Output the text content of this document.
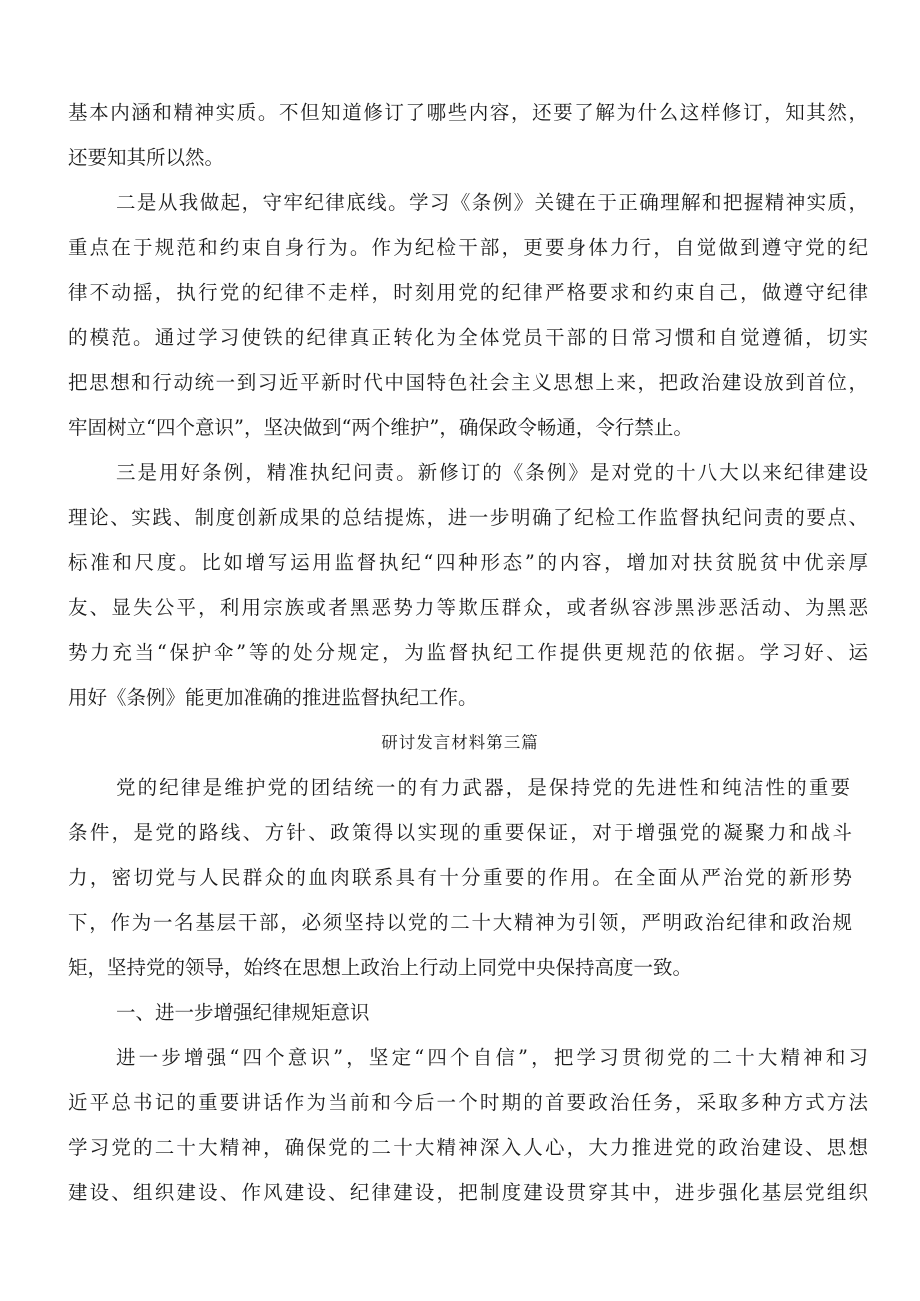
基本内涵和精神实质。不但知道修订了哪些内容，还要了解为什么这样修订，知其然，
还要知其所以然。
二是从我做起，守牢纪律底线。学习《条例》关键在于正确理解和把握精神实质，
重点在于规范和约束自身行为。作为纪检干部，更要身体力行，自觉做到遵守党的纪
律不动摇，执行党的纪律不走样，时刻用党的纪律严格要求和约束自己，做遵守纪律
的模范。通过学习使铁的纪律真正转化为全体党员干部的日常习惯和自觉遵循，切实
把思想和行动统一到习近平新时代中国特色社会主义思想上来，把政治建设放到首位，
牢固树立“四个意识”，坚决做到“两个维护”，确保政令畅通，令行禁止。
三是用好条例，精准执纪问责。新修订的《条例》是对党的十八大以来纪律建设
理论、实践、制度创新成果的总结提炼，进一步明确了纪检工作监督执纪问责的要点、
标准和尺度。比如增写运用监督执纪“四种形态”的内容，增加对扶贫脱贫中优亲厚
友、显失公平，利用宗族或者黑恶势力等欺压群众，或者纵容涉黑涉恶活动、为黑恶
势力充当“保护伞”等的处分规定，为监督执纪工作提供更规范的依据。学习好、运
用好《条例》能更加准确的推进监督执纪工作。
研讨发言材料第三篇
党的纪律是维护党的团结统一的有力武器，是保持党的先进性和纯洁性的重要
条件，是党的路线、方针、政策得以实现的重要保证，对于增强党的凝聚力和战斗
力，密切党与人民群众的血肉联系具有十分重要的作用。在全面从严治党的新形势
下，作为一名基层干部，必须坚持以党的二十大精神为引领，严明政治纪律和政治规
矩，坚持党的领导，始终在思想上政治上行动上同党中央保持高度一致。
一、进一步增强纪律规矩意识
进一步增强“四个意识”，坚定“四个自信”，把学习贯彻党的二十大精神和习
近平总书记的重要讲话作为当前和今后一个时期的首要政治任务，采取多种方式方法
学习党的二十大精神，确保党的二十大精神深入人心，大力推进党的政治建设、思想
建设、组织建设、作风建设、纪律建设，把制度建设贯穿其中，进步强化基层党组织
